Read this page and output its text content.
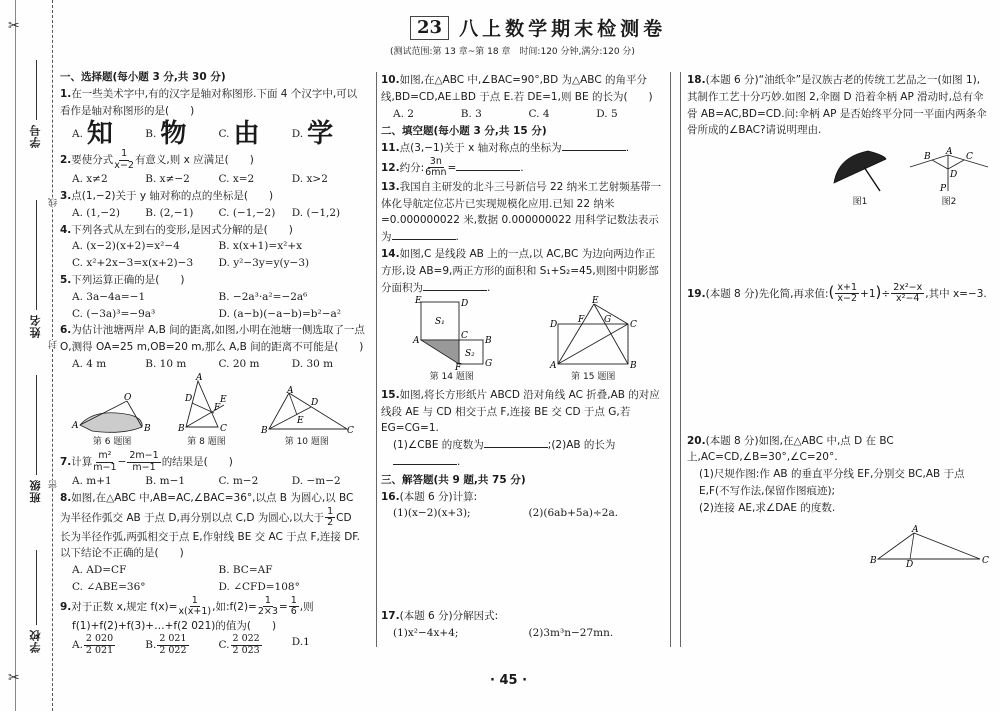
✂
✂
学号
姓名
班级
学校
线
封
密
23 八上数学期末检测卷
(测试范围:第 13 章~第 18 章　时间:120 分钟,满分:120 分)
一、选择题(每小题 3 分,共 30 分)
1.在一些美术字中,有的汉字是轴对称图形.下面 4 个汉字中,可以看作是轴对称图形的是(　　)
A. 知	B. 物	C. 由	D. 学
2.要使分式 $\frac{1}{x-2}$ 有意义,则 x 应满足(　　)
A. x≠2	B. x≠−2	C. x=2	D. x>2
3.点(1,−2)关于 y 轴对称的点的坐标是(　　)
A. (1,−2)	B. (2,−1)	C. (−1,−2)	D. (−1,2)
4.下列各式从左到右的变形,是因式分解的是(　　)
A. (x−2)(x+2)=x²−4	B. x(x+1)=x²+x
C. x²+2x−3=x(x+2)−3	D. y²−3y=y(y−3)
5.下列运算正确的是(　　)
A. 3a−4a=−1	B. −2a³·a²=−2a⁶
C. (−3a)³=−9a³	D. (a−b)(−a−b)=b²−a²
6.为估计池塘两岸 A,B 间的距离,如图,小明在池塘一侧选取了一点 O,测得 OA=25 m,OB=20 m,那么 A,B 间的距离不可能是(　　)
A. 4 m	B. 10 m	C. 20 m	D. 30 m
O
A	B
第 6 题图
A
D	E
F
B	C
第 8 题图
A
D
E
B	C
第 10 题图
7.计算 $\frac{\text{m²}}{m-1} - \frac{2m-1}{m-1}$ 的结果是(　　)
A. m+1	B. m−1	C. m−2	D. −m−2
8.如图,在△ABC 中,AB=AC,∠BAC=36°,以点 B 为圆心,以 BC 为半径作弧交 AB 于点 D,再分别以点 C,D 为圆心,以大于 $\frac{1}{2}$ CD 长为半径作弧,两弧相交于点 E,作射线 BE 交 AC 于点 F,连接 DF.以下结论不正确的是(　　)
A. AD=CF	B. BC=AF
C. ∠ABE=36°	D. ∠CFD=108°
9.对于正数 x,规定 $f(x)= \frac{1}{x(x+1)}$ ,如:f(2)= $\frac{1}{2\times 3} = \frac{1}{6}$ ,则
f(1)+f(2)+f(3)+…+f(2 021)的值为(　　)
A. $\frac{2 020}{2 021}$	B. $\frac{2 021}{2 022}$	C. $\frac{2 022}{2 023}$	D.1
10.如图,在△ABC 中,∠BAC=90°,BD 为△ABC 的角平分线,BD=CD,AE⊥BD 于点 E.若 DE=1,则 BE 的长为(　　)
A. 2	B. 3	C. 4	D. 5
二、填空题(每小题 3 分,共 15 分)
11.点(3,−1)关于 x 轴对称点的坐标为	.
12.约分: $\frac{3n}{6mn}$ =	.
13.我国自主研发的北斗三号新信号 22 纳米工艺射频基带一体化导航定位芯片已实现规模化应用.已知 22 纳米=0.000000022 米,数据 0.000000022 用科学记数法表示为	.
14.如图,C 是线段 AB 上的一点,以 AC,BC 为边向两边作正方形,设 AB=9,两正方形的面积和 S₁+S₂=45,则图中阴影部分面积为	.
E	D
S₁
A	C B
S₂
F	G
第 14 题图
E
D F G C
A	B
第 15 题图
15.如图,将长方形纸片 ABCD 沿对角线 AC 折叠,AB 的对应线段 AE 与 CD 相交于点 F,连接 BE 交 CD 于点 G,若 EG=CG=1.
(1)∠CBE 的度数为	;(2)AB 的长为.
三、解答题(共 9 题,共 75 分)
16.(本题 6 分)计算:
(1)(x−2)(x+3);	(2)(6ab+5a)÷2a.
17.(本题 6 分)分解因式:
(1)x²−4x+4;	(2)3m³n−27mn.
18.(本题 6 分)“油纸伞”是汉族古老的传统工艺品之一(如图 1),其制作工艺十分巧妙.如图 2,伞圈 D 沿着伞柄 AP 滑动时,总有伞骨 AB=AC,BD=CD.问:伞柄 AP 是否始终平分同一平面内两条伞骨所成的∠BAC?请说明理由.
图1
A
B	C
D
P
图2
19.(本题 8 分)先化简,再求值:( $\frac{x+1}{x-2} +1)\div \frac{\text{2x²−x}}{\text{x²−4}}$ ,其中 x=−3.
20.(本题 8 分)如图,在△ABC 中,点 D 在 BC 上,AC=CD,∠B=30°,∠C=20°.
(1)尺规作图:作 AB 的垂直平分线 EF,分别交 BC,AB 于点 E,F(不写作法,保留作图痕迹);
(2)连接 AE,求∠DAE 的度数.
A
B	D	C
· 45 ·
